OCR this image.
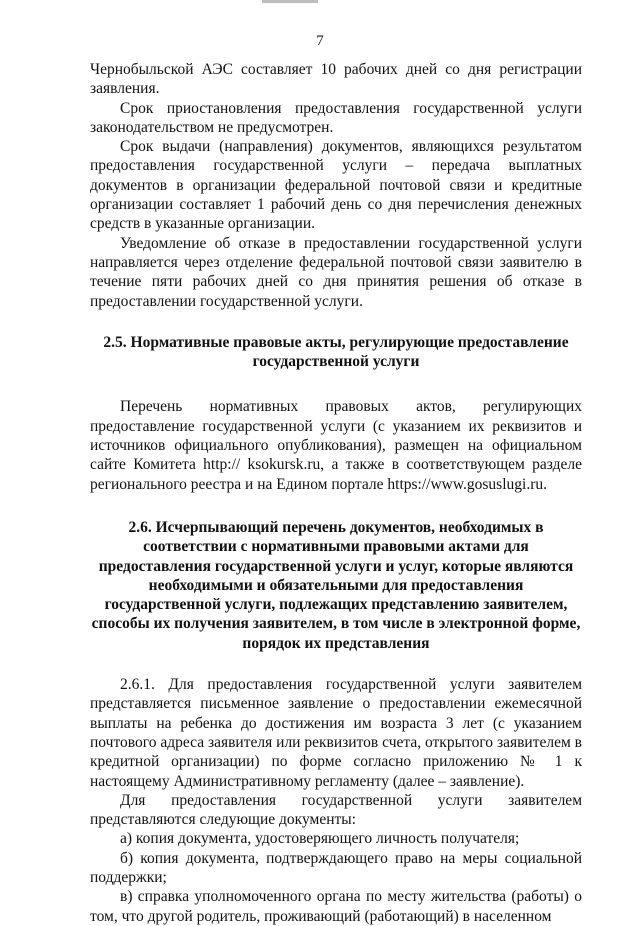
7

Чернобыльской АЭС составляет 10 рабочих дней со дня регистрации заявления.

Срок приостановления предоставления государственной услуги законодательством не предусмотрен.

Срок выдачи (направления) документов, являющихся результатом предоставления государственной услуги – передача выплатных документов в организации федеральной почтовой связи и кредитные организации составляет 1 рабочий день со дня перечисления денежных средств в указанные организации.

Уведомление об отказе в предоставлении государственной услуги направляется через отделение федеральной почтовой связи заявителю в течение пяти рабочих дней со дня принятия решения об отказе в предоставлении государственной услуги.

2.5. Нормативные правовые акты, регулирующие предоставление государственной услуги

Перечень нормативных правовых актов, регулирующих предоставление государственной услуги (с указанием их реквизитов и источников официального опубликования), размещен на официальном сайте Комитета http:// ksokursk.ru, а также в соответствующем разделе регионального реестра и на Едином портале https://www.gosuslugi.ru.

2.6. Исчерпывающий перечень документов, необходимых в соответствии с нормативными правовыми актами для предоставления государственной услуги и услуг, которые являются необходимыми и обязательными для предоставления государственной услуги, подлежащих представлению заявителем, способы их получения заявителем, в том числе в электронной форме, порядок их представления

2.6.1. Для предоставления государственной услуги заявителем представляется письменное заявление о предоставлении ежемесячной выплаты на ребенка до достижения им возраста 3 лет (с указанием почтового адреса заявителя или реквизитов счета, открытого заявителем в кредитной организации) по форме согласно приложению № 1 к настоящему Административному регламенту (далее – заявление).

Для предоставления государственной услуги заявителем представляются следующие документы:

а) копия документа, удостоверяющего личность получателя;

б) копия документа, подтверждающего право на меры социальной поддержки;

в) справка уполномоченного органа по месту жительства (работы) о том, что другой родитель, проживающий (работающий) в населенном
